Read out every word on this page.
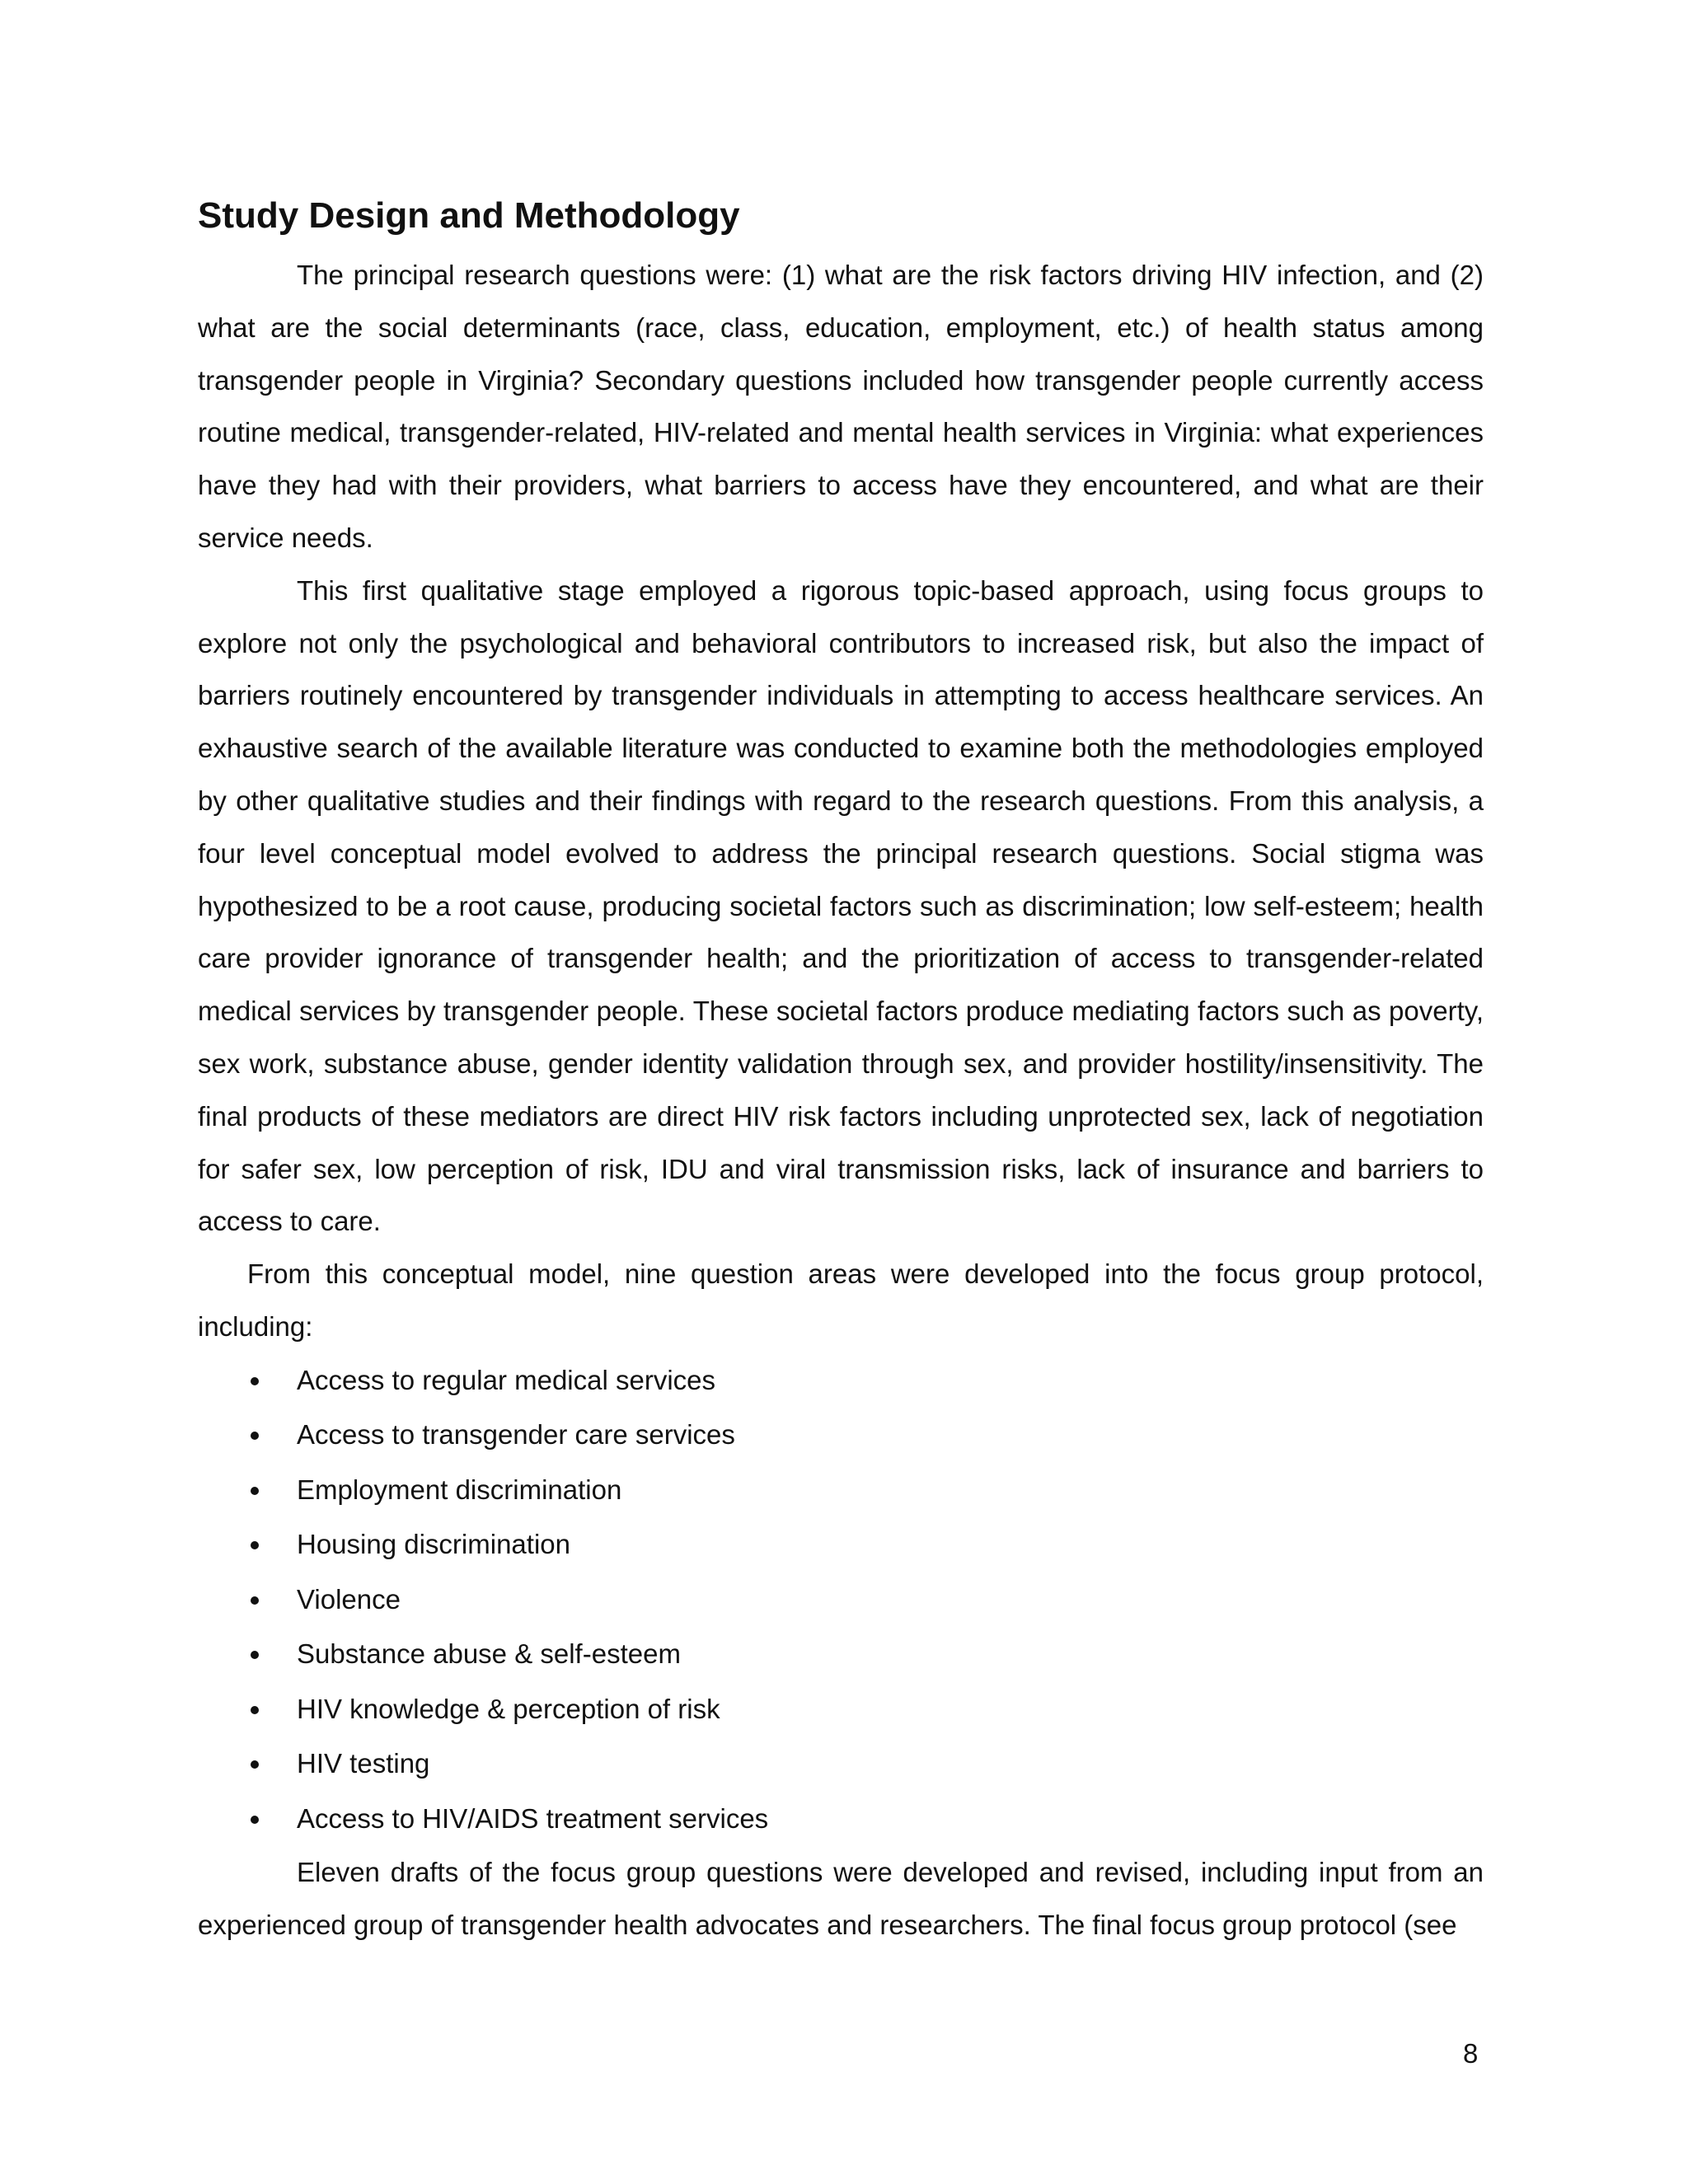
Study Design and Methodology

The principal research questions were: (1) what are the risk factors driving HIV infection, and (2) what are the social determinants (race, class, education, employment, etc.) of health status among transgender people in Virginia? Secondary questions included how transgender people currently access routine medical, transgender-related, HIV-related and mental health services in Virginia: what experiences have they had with their providers, what barriers to access have they encountered, and what are their service needs.

This first qualitative stage employed a rigorous topic-based approach, using focus groups to explore not only the psychological and behavioral contributors to increased risk, but also the impact of barriers routinely encountered by transgender individuals in attempting to access healthcare services. An exhaustive search of the available literature was conducted to examine both the methodologies employed by other qualitative studies and their findings with regard to the research questions. From this analysis, a four level conceptual model evolved to address the principal research questions. Social stigma was hypothesized to be a root cause, producing societal factors such as discrimination; low self-esteem; health care provider ignorance of transgender health; and the prioritization of access to transgender-related medical services by transgender people. These societal factors produce mediating factors such as poverty, sex work, substance abuse, gender identity validation through sex, and provider hostility/insensitivity. The final products of these mediators are direct HIV risk factors including unprotected sex, lack of negotiation for safer sex, low perception of risk, IDU and viral transmission risks, lack of insurance and barriers to access to care.

From this conceptual model, nine question areas were developed into the focus group protocol, including:

Access to regular medical services
Access to transgender care services
Employment discrimination
Housing discrimination
Violence
Substance abuse & self-esteem
HIV knowledge & perception of risk
HIV testing
Access to HIV/AIDS treatment services

Eleven drafts of the focus group questions were developed and revised, including input from an experienced group of transgender health advocates and researchers. The final focus group protocol (see

8
